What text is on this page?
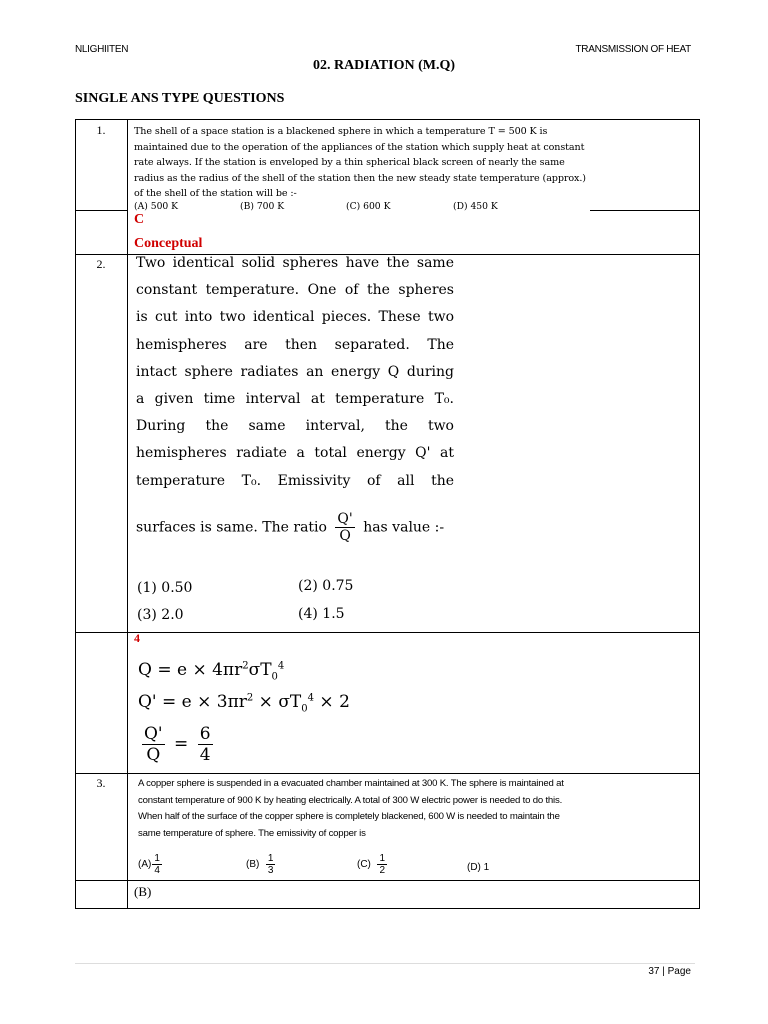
NLIGHIITEN	TRANSMISSION OF HEAT
02. RADIATION (M.Q)
SINGLE ANS TYPE QUESTIONS
1.	The shell of a space station is a blackened sphere in which a temperature T = 500 K is
maintained due to the operation of the appliances of the station which supply heat at constant
rate always. If the station is enveloped by a thin spherical black screen of nearly the same
radius as the radius of the shell of the station then the new steady state temperature (approx.)
of the shell of the station will be :-
(A) 500 K	(B) 700 K	(C) 600 K	(D) 450 K
C
Conceptual
2.	Two identical solid spheres have the same
constant temperature. One of the spheres
is cut into two identical pieces. These two
hemispheres are then separated. The
intact sphere radiates an energy Q during
a given time interval at temperature T₀.
During the same interval, the two
hemispheres radiate a total energy Q' at
temperature T₀. Emissivity of all the
surfaces is same. The ratio $\frac{Q'}{Q}$ has value :-
(1) 0.50	(2) 0.75
(3) 2.0	(4) 1.5
4
$Q = e \times 4\pi r^2\sigma T_0^4$
$Q' = e \times 3\pi r^2 \times \sigma T_0^4 \times 2$
$\frac{Q'}{Q} = \frac{6}{4}$
3.	A copper sphere is suspended in a evacuated chamber maintained at 300 K. The sphere is maintained at
constant temperature of 900 K by heating electrically. A total of 300 W electric power is needed to do this.
When half of the surface of the copper sphere is completely blackened, 600 W is needed to maintain the
same temperature of sphere. The emissivity of copper is
$(A) \frac{1}{4}$	$(B) \frac{1}{3}$	$(C) \frac{1}{2}$	(D) 1
(B)
37 | Page
